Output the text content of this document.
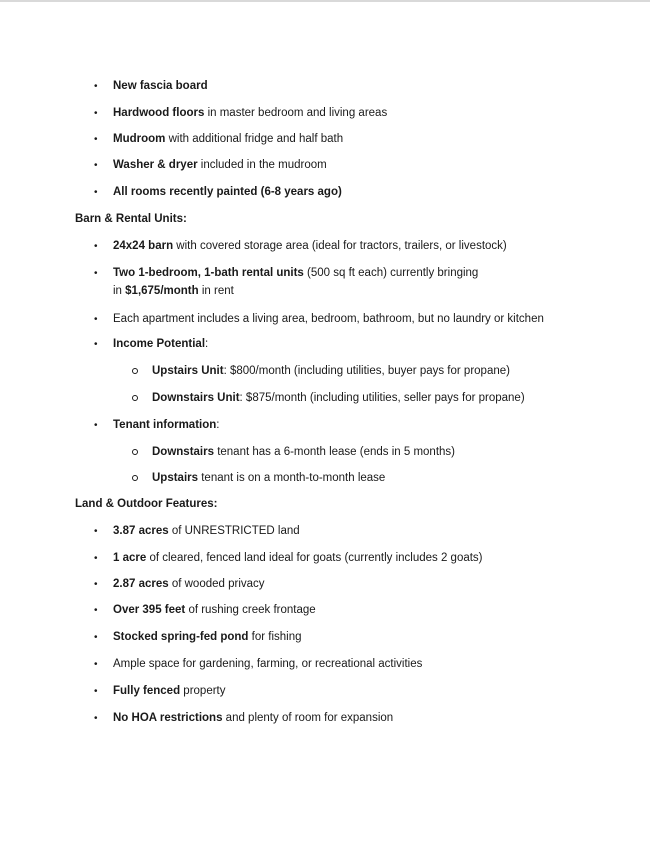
• New fascia board
• Hardwood floors in master bedroom and living areas
• Mudroom with additional fridge and half bath
• Washer & dryer included in the mudroom
• All rooms recently painted (6-8 years ago)
Barn & Rental Units:
• 24x24 barn with covered storage area (ideal for tractors, trailers, or livestock)
• Two 1-bedroom, 1-bath rental units (500 sq ft each) currently bringing
in $1,675/month in rent
• Each apartment includes a living area, bedroom, bathroom, but no laundry or kitchen
• Income Potential:
Upstairs Unit: $800/month (including utilities, buyer pays for propane)
Downstairs Unit: $875/month (including utilities, seller pays for propane)
• Tenant information:
Downstairs tenant has a 6-month lease (ends in 5 months)
Upstairs tenant is on a month-to-month lease
Land & Outdoor Features:
• 3.87 acres of UNRESTRICTED land
• 1 acre of cleared, fenced land ideal for goats (currently includes 2 goats)
• 2.87 acres of wooded privacy
• Over 395 feet of rushing creek frontage
• Stocked spring-fed pond for fishing
• Ample space for gardening, farming, or recreational activities
• Fully fenced property
• No HOA restrictions and plenty of room for expansion
